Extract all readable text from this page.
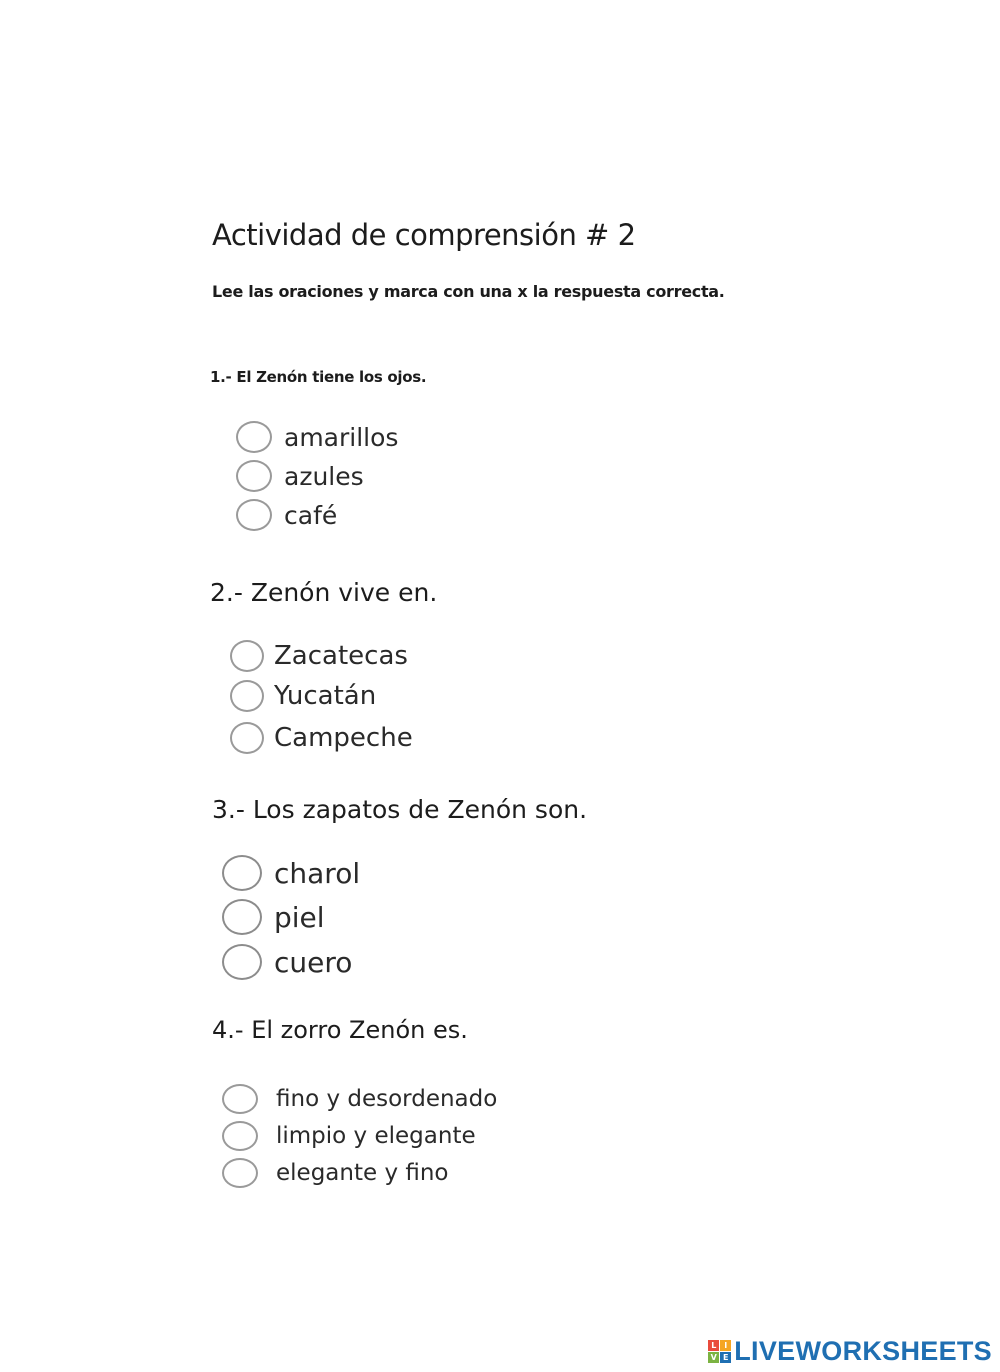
Actividad de comprensión # 2
Lee las oraciones y marca con una x la respuesta correcta.
1.- El Zenón tiene los ojos.
amarillos
azules
café
2.- Zenón vive en.
Zacatecas
Yucatán
Campeche
3.- Los zapatos de Zenón son.
charol
piel
cuero
4.- El zorro Zenón es.
fino y desordenado
limpio y elegante
elegante y fino
L I
V E LIVEWORKSHEETS
